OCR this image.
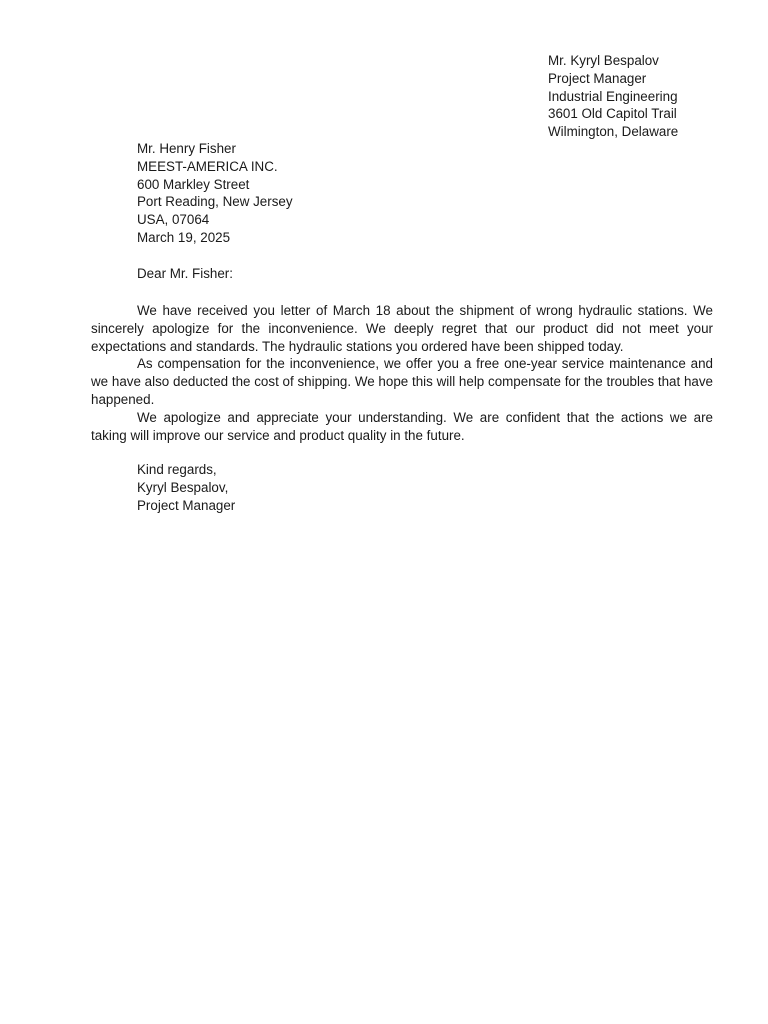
Mr. Kyryl Bespalov
Project Manager
Industrial Engineering
3601 Old Capitol Trail
Wilmington, Delaware
Mr. Henry Fisher
MEEST-AMERICA INC.
600 Markley Street
Port Reading, New Jersey
USA, 07064
March 19, 2025
Dear Mr. Fisher:

We have received you letter of March 18 about the shipment of wrong hydraulic stations. We sincerely apologize for the inconvenience. We deeply regret that our product did not meet your expectations and standards. The hydraulic stations you ordered have been shipped today.

As compensation for the inconvenience, we offer you a free one-year service maintenance and we have also deducted the cost of shipping. We hope this will help compensate for the troubles that have happened.

We apologize and appreciate your understanding. We are confident that the actions we are taking will improve our service and product quality in the future.

Kind regards,
Kyryl Bespalov,
Project Manager
